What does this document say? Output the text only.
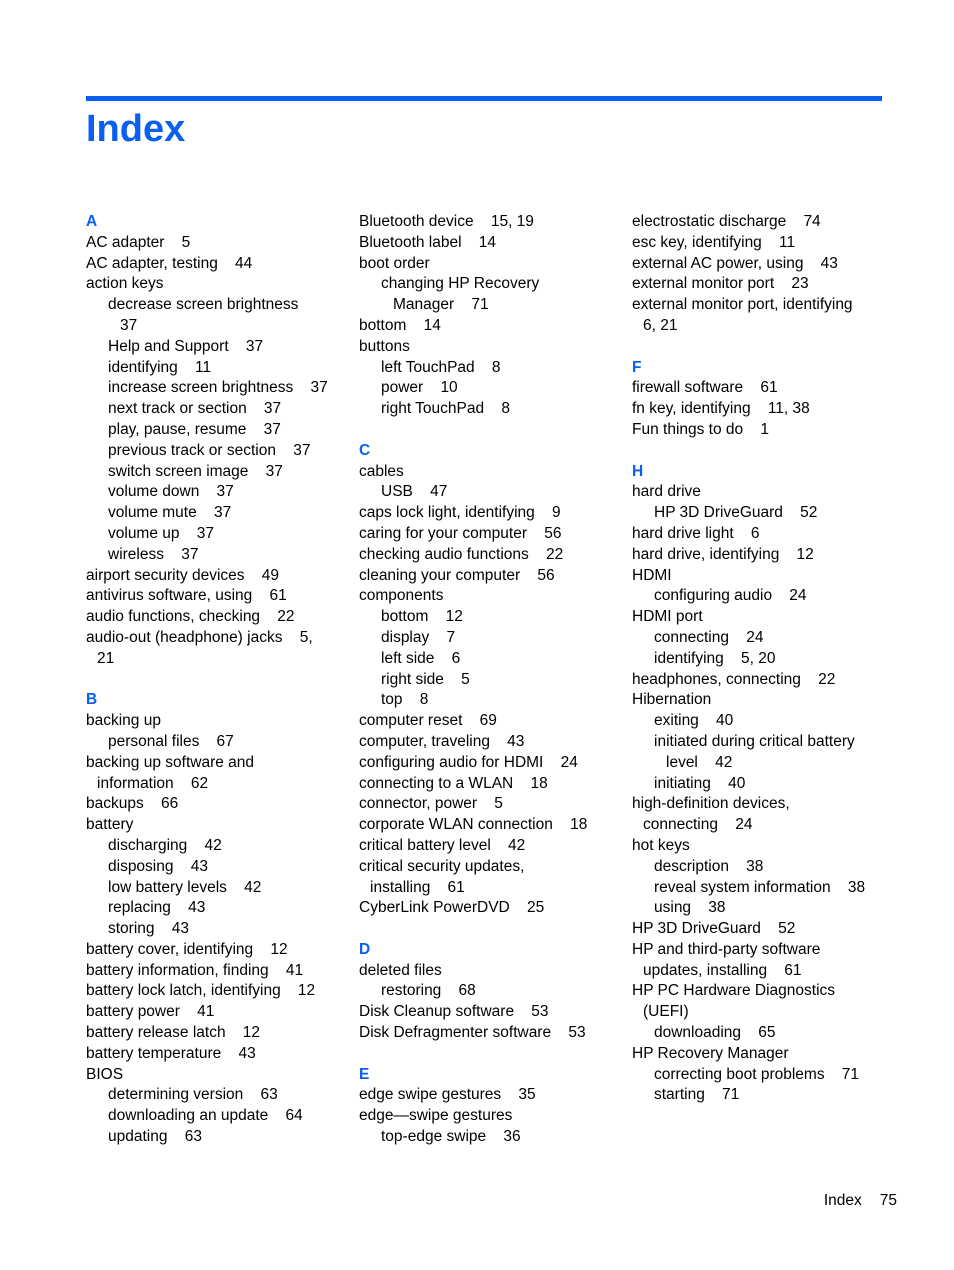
Index
A
AC adapter    5
AC adapter, testing    44
action keys
decrease screen brightness
37
Help and Support    37
identifying    11
increase screen brightness    37
next track or section    37
play, pause, resume    37
previous track or section    37
switch screen image    37
volume down    37
volume mute    37
volume up    37
wireless    37
airport security devices    49
antivirus software, using    61
audio functions, checking    22
audio-out (headphone) jacks    5,
21
B
backing up
personal files    67
backing up software and
information    62
backups    66
battery
discharging    42
disposing    43
low battery levels    42
replacing    43
storing    43
battery cover, identifying    12
battery information, finding    41
battery lock latch, identifying    12
battery power    41
battery release latch    12
battery temperature    43
BIOS
determining version    63
downloading an update    64
updating    63
Bluetooth device    15, 19
Bluetooth label    14
boot order
changing HP Recovery
Manager    71
bottom    14
buttons
left TouchPad    8
power    10
right TouchPad    8
C
cables
USB    47
caps lock light, identifying    9
caring for your computer    56
checking audio functions    22
cleaning your computer    56
components
bottom    12
display    7
left side    6
right side    5
top    8
computer reset    69
computer, traveling    43
configuring audio for HDMI    24
connecting to a WLAN    18
connector, power    5
corporate WLAN connection    18
critical battery level    42
critical security updates,
installing    61
CyberLink PowerDVD    25
D
deleted files
restoring    68
Disk Cleanup software    53
Disk Defragmenter software    53
E
edge swipe gestures    35
edge—swipe gestures
top-edge swipe    36
electrostatic discharge    74
esc key, identifying    11
external AC power, using    43
external monitor port    23
external monitor port, identifying
6, 21
F
firewall software    61
fn key, identifying    11, 38
Fun things to do    1
H
hard drive
HP 3D DriveGuard    52
hard drive light    6
hard drive, identifying    12
HDMI
configuring audio    24
HDMI port
connecting    24
identifying    5, 20
headphones, connecting    22
Hibernation
exiting    40
initiated during critical battery
level    42
initiating    40
high-definition devices,
connecting    24
hot keys
description    38
reveal system information    38
using    38
HP 3D DriveGuard    52
HP and third-party software
updates, installing    61
HP PC Hardware Diagnostics
(UEFI)
downloading    65
HP Recovery Manager
correcting boot problems    71
starting    71
Index 75
